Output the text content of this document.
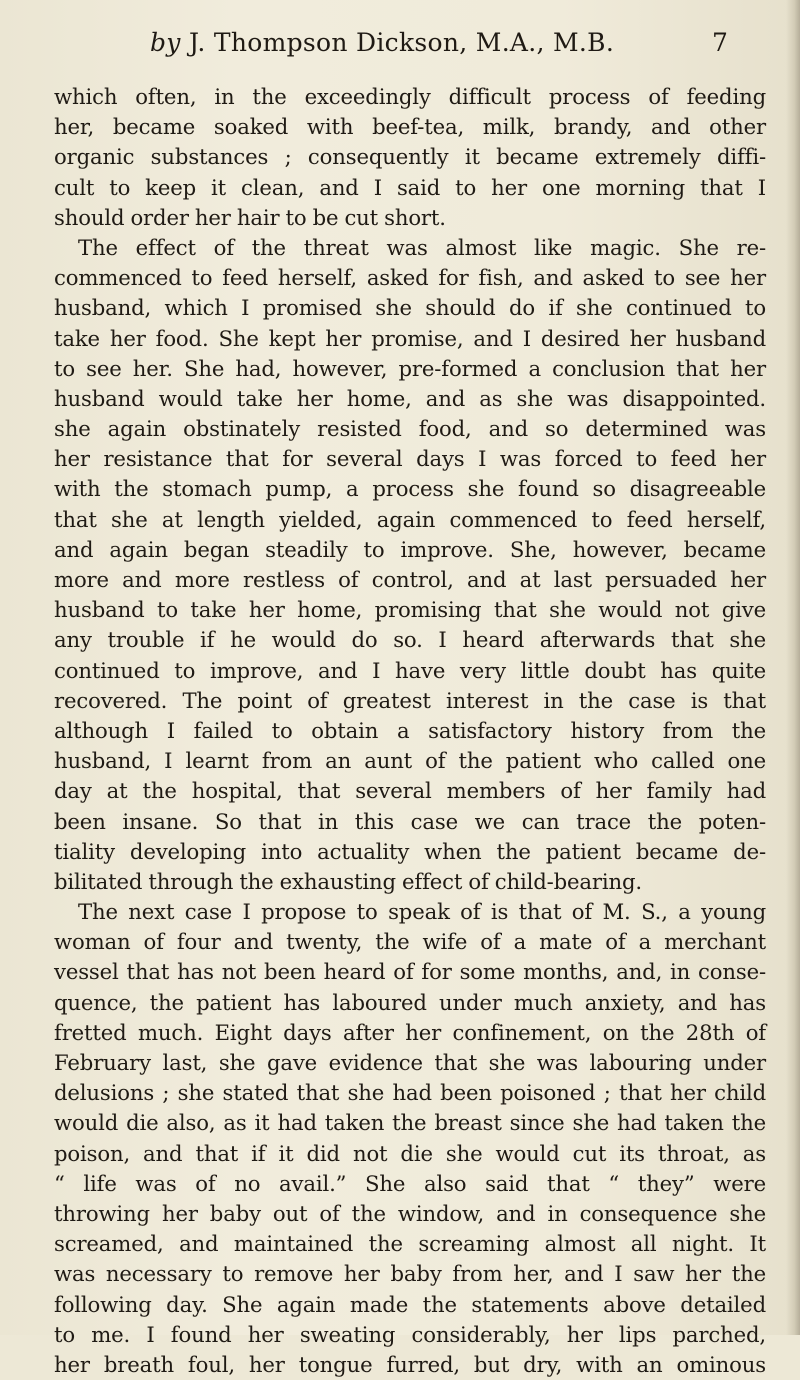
by J. Thompson Dickson, M.A., M.B.	7
which often, in the exceedingly difficult process of feeding
her, became soaked with beef-tea, milk, brandy, and other
organic substances ; consequently it became extremely diffi-
cult to keep it clean, and I said to her one morning that I
should order her hair to be cut short.
The effect of the threat was almost like magic. She re-
commenced to feed herself, asked for fish, and asked to see her
husband, which I promised she should do if she continued to
take her food. She kept her promise, and I desired her husband
to see her. She had, however, pre-formed a conclusion that her
husband would take her home, and as she was disappointed.
she again obstinately resisted food, and so determined was
her resistance that for several days I was forced to feed her
with the stomach pump, a process she found so disagreeable
that she at length yielded, again commenced to feed herself,
and again began steadily to improve. She, however, became
more and more restless of control, and at last persuaded her
husband to take her home, promising that she would not give
any trouble if he would do so. I heard afterwards that she
continued to improve, and I have very little doubt has quite
recovered. The point of greatest interest in the case is that
although I failed to obtain a satisfactory history from the
husband, I learnt from an aunt of the patient who called one
day at the hospital, that several members of her family had
been insane. So that in this case we can trace the poten-
tiality developing into actuality when the patient became de-
bilitated through the exhausting effect of child-bearing.
The next case I propose to speak of is that of M. S., a young
woman of four and twenty, the wife of a mate of a merchant
vessel that has not been heard of for some months, and, in conse-
quence, the patient has laboured under much anxiety, and has
fretted much. Eight days after her confinement, on the 28th of
February last, she gave evidence that she was labouring under
delusions ; she stated that she had been poisoned ; that her child
would die also, as it had taken the breast since she had taken the
poison, and that if it did not die she would cut its throat, as
“ life was of no avail.” She also said that “ they” were
throwing her baby out of the window, and in consequence she
screamed, and maintained the screaming almost all night. It
was necessary to remove her baby from her, and I saw her the
following day. She again made the statements above detailed
to me. I found her sweating considerably, her lips parched,
her breath foul, her tongue furred, but dry, with an ominous
